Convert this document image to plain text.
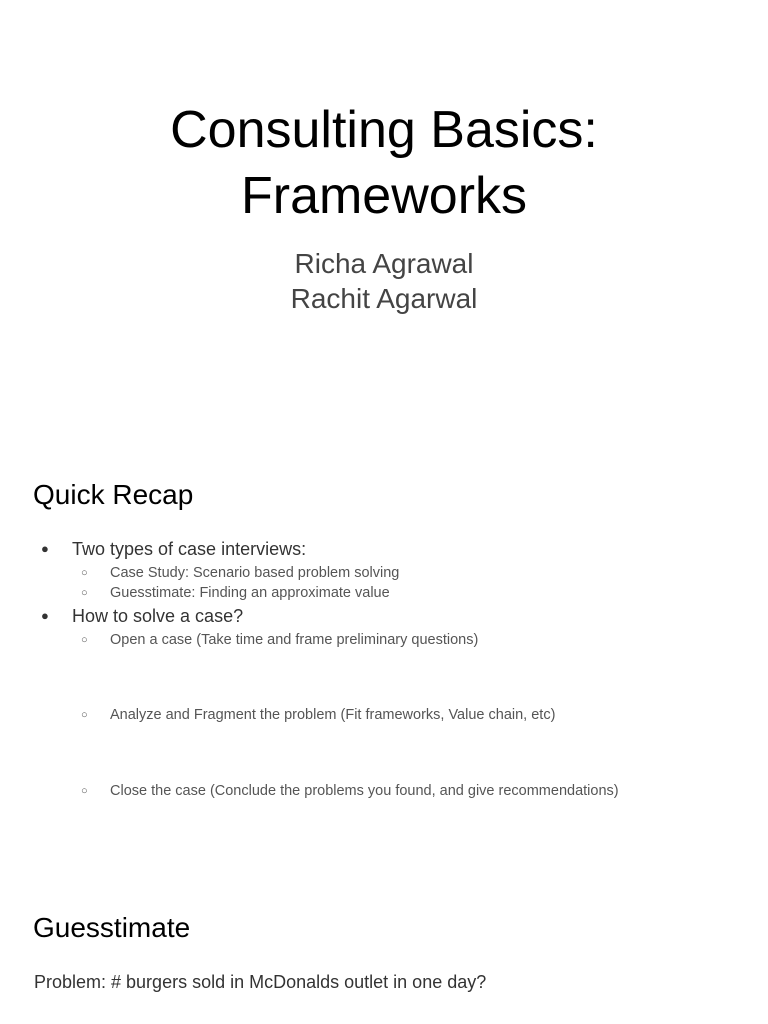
Consulting Basics:
Frameworks
Richa Agrawal
Rachit Agarwal
Quick Recap
● Two types of case interviews:
○ Case Study: Scenario based problem solving
○ Guesstimate: Finding an approximate value
● How to solve a case?
○ Open a case (Take time and frame preliminary questions)
○ Analyze and Fragment the problem (Fit frameworks, Value chain, etc)
○ Close the case (Conclude the problems you found, and give recommendations)
Guesstimate
Problem: # burgers sold in McDonalds outlet in one day?
